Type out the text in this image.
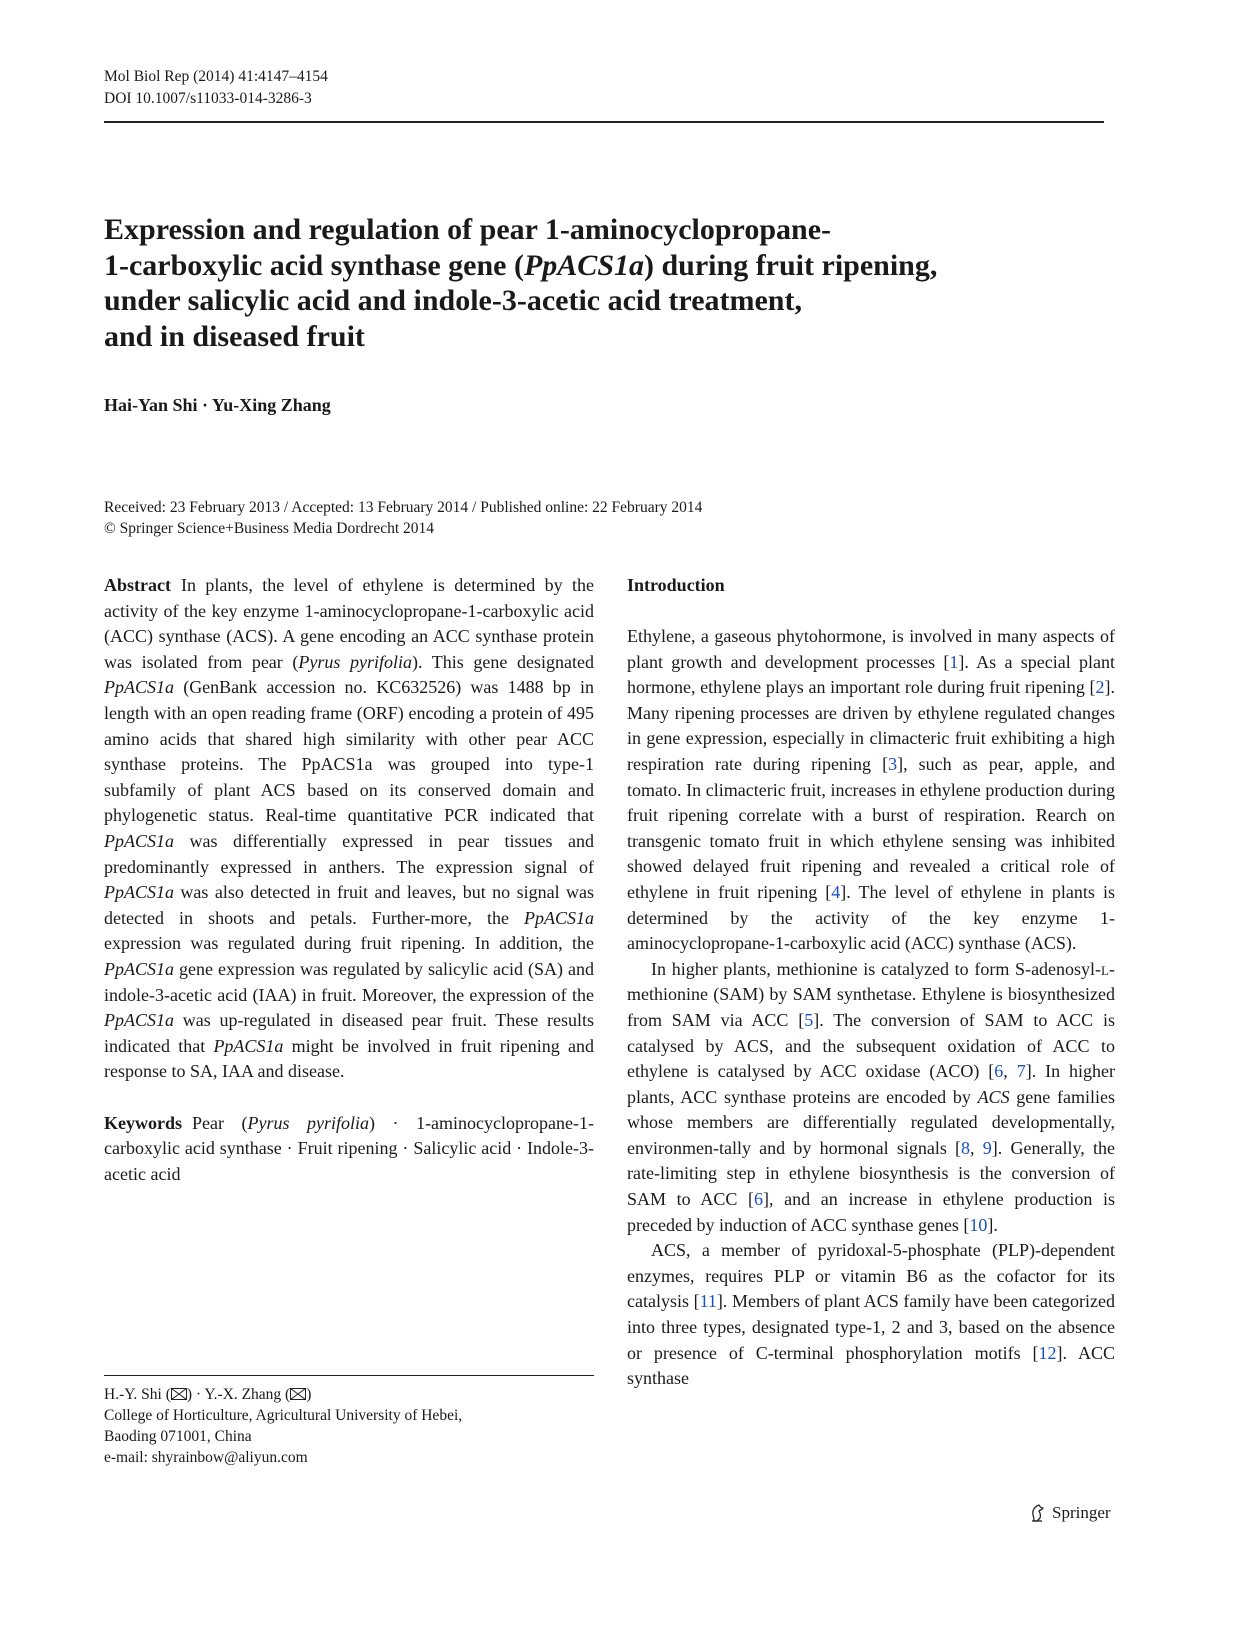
Mol Biol Rep (2014) 41:4147–4154
DOI 10.1007/s11033-014-3286-3
Expression and regulation of pear 1-aminocyclopropane-
1-carboxylic acid synthase gene (PpACS1a) during fruit ripening,
under salicylic acid and indole-3-acetic acid treatment,
and in diseased fruit
Hai-Yan Shi · Yu-Xing Zhang
Received: 23 February 2013 / Accepted: 13 February 2014 / Published online: 22 February 2014
© Springer Science+Business Media Dordrecht 2014

Abstract In plants, the level of ethylene is determined by the activity of the key enzyme 1-aminocyclopropane-1-carboxylic acid (ACC) synthase (ACS). A gene encoding an ACC synthase protein was isolated from pear (Pyrus pyrifolia). This gene designated PpACS1a (GenBank accession no. KC632526) was 1488 bp in length with an open reading frame (ORF) encoding a protein of 495 amino acids that shared high similarity with other pear ACC synthase proteins. The PpACS1a was grouped into type-1 subfamily of plant ACS based on its conserved domain and phylogenetic status. Real-time quantitative PCR indicated that PpACS1a was differentially expressed in pear tissues and predominantly expressed in anthers. The expression signal of PpACS1a was also detected in fruit and leaves, but no signal was detected in shoots and petals. Further-more, the PpACS1a expression was regulated during fruit ripening. In addition, the PpACS1a gene expression was regulated by salicylic acid (SA) and indole-3-acetic acid (IAA) in fruit. Moreover, the expression of the PpACS1a was up-regulated in diseased pear fruit. These results indicated that PpACS1a might be involved in fruit ripening and response to SA, IAA and disease.

Keywords Pear (Pyrus pyrifolia) · 1-aminocyclopropane-1-carboxylic acid synthase · Fruit ripening · Salicylic acid · Indole-3-acetic acid

H.-Y. Shi ( ) · Y.-X. Zhang ( )
College of Horticulture, Agricultural University of Hebei,
Baoding 071001, China
e-mail: shyrainbow@aliyun.com
Introduction

Ethylene, a gaseous phytohormone, is involved in many aspects of plant growth and development processes [1]. As a special plant hormone, ethylene plays an important role during fruit ripening [2]. Many ripening processes are driven by ethylene regulated changes in gene expression, especially in climacteric fruit exhibiting a high respiration rate during ripening [3], such as pear, apple, and tomato. In climacteric fruit, increases in ethylene production during fruit ripening correlate with a burst of respiration. Rearch on transgenic tomato fruit in which ethylene sensing was inhibited showed delayed fruit ripening and revealed a critical role of ethylene in fruit ripening [4]. The level of ethylene in plants is determined by the activity of the key enzyme 1-aminocyclopropane-1-carboxylic acid (ACC) synthase (ACS).

In higher plants, methionine is catalyzed to form S-adenosyl-l-methionine (SAM) by SAM synthetase. Ethylene is biosynthesized from SAM via ACC [5]. The conversion of SAM to ACC is catalysed by ACS, and the subsequent oxidation of ACC to ethylene is catalysed by ACC oxidase (ACO) [6, 7]. In higher plants, ACC synthase proteins are encoded by ACS gene families whose members are differentially regulated developmentally, environmen-tally and by hormonal signals [8, 9]. Generally, the rate-limiting step in ethylene biosynthesis is the conversion of SAM to ACC [6], and an increase in ethylene production is preceded by induction of ACC synthase genes [10].

ACS, a member of pyridoxal-5-phosphate (PLP)-dependent enzymes, requires PLP or vitamin B6 as the cofactor for its catalysis [11]. Members of plant ACS family have been categorized into three types, designated type-1, 2 and 3, based on the absence or presence of C-terminal phosphorylation motifs [12]. ACC synthase

Springer
